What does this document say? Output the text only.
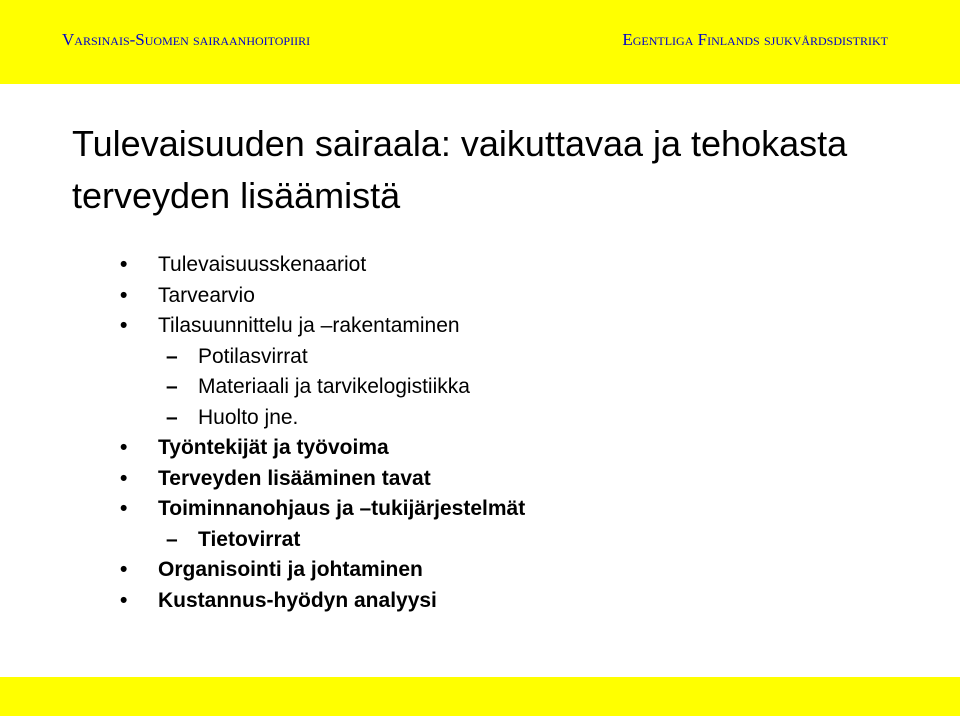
Varsinais-Suomen sairaanhoitopiiri	Egentliga Finlands sjukvårdsdistrikt
Tulevaisuuden sairaala: vaikuttavaa ja tehokasta terveyden lisäämistä
• Tulevaisuusskenaariot
• Tarvearvio
• Tilasuunnittelu ja –rakentaminen
– Potilasvirrat
– Materiaali ja tarvikelogistiikka
– Huolto jne.
• Työntekijät ja työvoima
• Terveyden lisääminen tavat
• Toiminnanohjaus ja –tukijärjestelmät
– Tietovirrat
• Organisointi ja johtaminen
• Kustannus-hyödyn analyysi
